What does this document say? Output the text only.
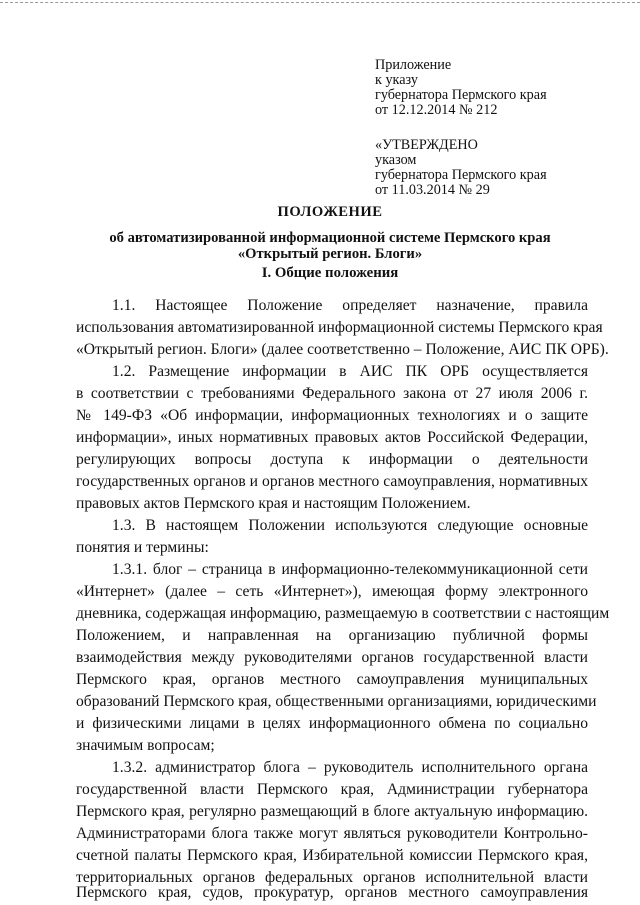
Приложение
к указу
губернатора Пермского края
от 12.12.2014 № 212
«УТВЕРЖДЕНО
указом
губернатора Пермского края
от 11.03.2014 № 29
ПОЛОЖЕНИЕ
об автоматизированной информационной системе Пермского края
«Открытый регион. Блоги»
I. Общие положения
1.1. Настоящее Положение определяет назначение, правила
использования автоматизированной информационной системы Пермского края
«Открытый регион. Блоги» (далее соответственно – Положение, АИС ПК ОРБ).
1.2. Размещение информации в АИС ПК ОРБ осуществляется
в соответствии с требованиями Федерального закона от 27 июля 2006 г.
№ 149-ФЗ «Об информации, информационных технологиях и о защите
информации», иных нормативных правовых актов Российской Федерации,
регулирующих вопросы доступа к информации о деятельности
государственных органов и органов местного самоуправления, нормативных
правовых актов Пермского края и настоящим Положением.
1.3. В настоящем Положении используются следующие основные
понятия и термины:
1.3.1. блог – страница в информационно-телекоммуникационной сети
«Интернет» (далее – сеть «Интернет»), имеющая форму электронного
дневника, содержащая информацию, размещаемую в соответствии с настоящим
Положением, и направленная на организацию публичной формы
взаимодействия между руководителями органов государственной власти
Пермского края, органов местного самоуправления муниципальных
образований Пермского края, общественными организациями, юридическими
и физическими лицами в целях информационного обмена по социально
значимым вопросам;
1.3.2. администратор блога – руководитель исполнительного органа
государственной власти Пермского края, Администрации губернатора
Пермского края, регулярно размещающий в блоге актуальную информацию.
Администраторами блога также могут являться руководители Контрольно-
счетной палаты Пермского края, Избирательной комиссии Пермского края,
территориальных органов федеральных органов исполнительной власти
Пермского края, судов, прокуратур, органов местного самоуправления
